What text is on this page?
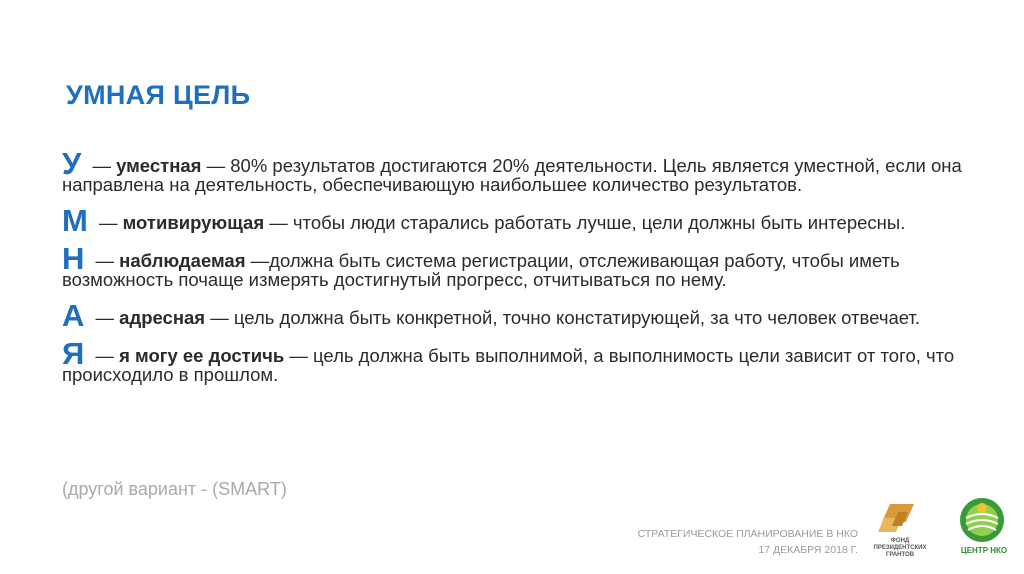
УМНАЯ ЦЕЛЬ
У — уместная — 80% результатов достигаются 20% деятельности. Цель является уместной, если она направлена на деятельность, обеспечивающую наибольшее количество результатов.
М — мотивирующая — чтобы люди старались работать лучше, цели должны быть интересны.
Н — наблюдаемая —должна быть система регистрации, отслеживающая работу, чтобы иметь возможность почаще измерять достигнутый прогресс, отчитываться по нему.
А — адресная — цель должна быть конкретной, точно констатирующей, за что человек отвечает.
Я — я могу ее достичь — цель должна быть выполнимой, а выполнимость цели зависит от того, что происходило в прошлом.
(другой вариант - (SMART)
СТРАТЕГИЧЕСКОЕ ПЛАНИРОВАНИЕ В НКО
17 ДЕКАБРЯ 2018 Г.
ФОНД ПРЕЗИДЕНТСКИХ ГРАНТОВ	ЦЕНТР НКО
